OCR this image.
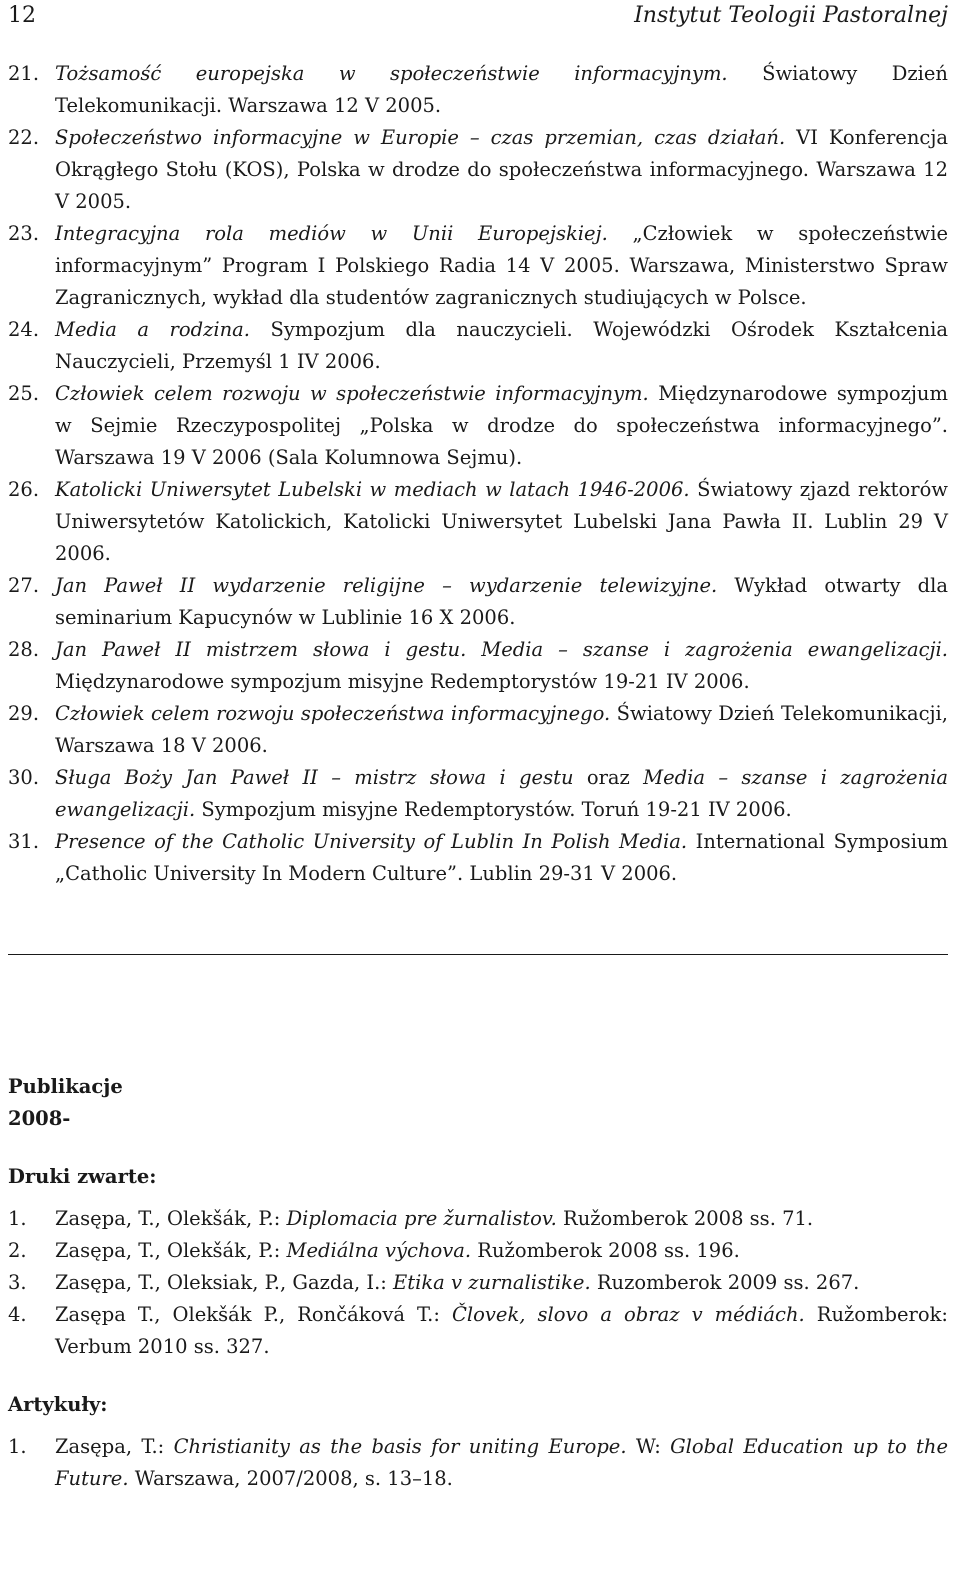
12	Instytut Teologii Pastoralnej
21. Tożsamość europejska w społeczeństwie informacyjnym. Światowy Dzień Telekomunikacji. Warszawa 12 V 2005.
22. Społeczeństwo informacyjne w Europie – czas przemian, czas działań. VI Konferencja Okrągłego Stołu (KOS), Polska w drodze do społeczeństwa informacyjnego. Warszawa 12 V 2005.
23. Integracyjna rola mediów w Unii Europejskiej. „Człowiek w społeczeństwie informacyjnym” Program I Polskiego Radia 14 V 2005. Warszawa, Ministerstwo Spraw Zagranicznych, wykład dla studentów zagranicznych studiujących w Polsce.
24. Media a rodzina. Sympozjum dla nauczycieli. Wojewódzki Ośrodek Kształcenia Nauczycieli, Przemyśl 1 IV 2006.
25. Człowiek celem rozwoju w społeczeństwie informacyjnym. Międzynarodowe sympozjum w Sejmie Rzeczypospolitej „Polska w drodze do społeczeństwa informacyjnego”. Warszawa 19 V 2006 (Sala Kolumnowa Sejmu).
26. Katolicki Uniwersytet Lubelski w mediach w latach 1946-2006. Światowy zjazd rektorów Uniwersytetów Katolickich, Katolicki Uniwersytet Lubelski Jana Pawła II. Lublin 29 V 2006.
27. Jan Paweł II wydarzenie religijne – wydarzenie telewizyjne. Wykład otwarty dla seminarium Kapucynów w Lublinie 16 X 2006.
28. Jan Paweł II mistrzem słowa i gestu. Media – szanse i zagrożenia ewangelizacji. Międzynarodowe sympozjum misyjne Redemptorystów 19-21 IV 2006.
29. Człowiek celem rozwoju społeczeństwa informacyjnego. Światowy Dzień Telekomunikacji, Warszawa 18 V 2006.
30. Sługa Boży Jan Paweł II – mistrz słowa i gestu oraz Media – szanse i zagrożenia ewangelizacji. Sympozjum misyjne Redemptorystów. Toruń 19-21 IV 2006.
31. Presence of the Catholic University of Lublin In Polish Media. International Symposium „Catholic University In Modern Culture”. Lublin 29-31 V 2006.
Publikacje
2008-
Druki zwarte:
1.	Zasępa, T., Olekšák, P.: Diplomacia pre žurnalistov. Ružomberok 2008 ss. 71.
2.	Zasępa, T., Olekšák, P.: Mediálna výchova. Ružomberok 2008 ss. 196.
3.	Zasępa, T., Oleksiak, P., Gazda, I.: Etika v zurnalistike. Ruzomberok 2009 ss. 267.
4.	Zasępa T., Olekšák P., Rončáková T.: Človek, slovo a obraz v médiách. Ružomberok: Verbum 2010 ss. 327.
Artykuły:
1.	Zasępa, T.: Christianity as the basis for uniting Europe. W: Global Education up to the Future. Warszawa, 2007/2008, s. 13–18.
